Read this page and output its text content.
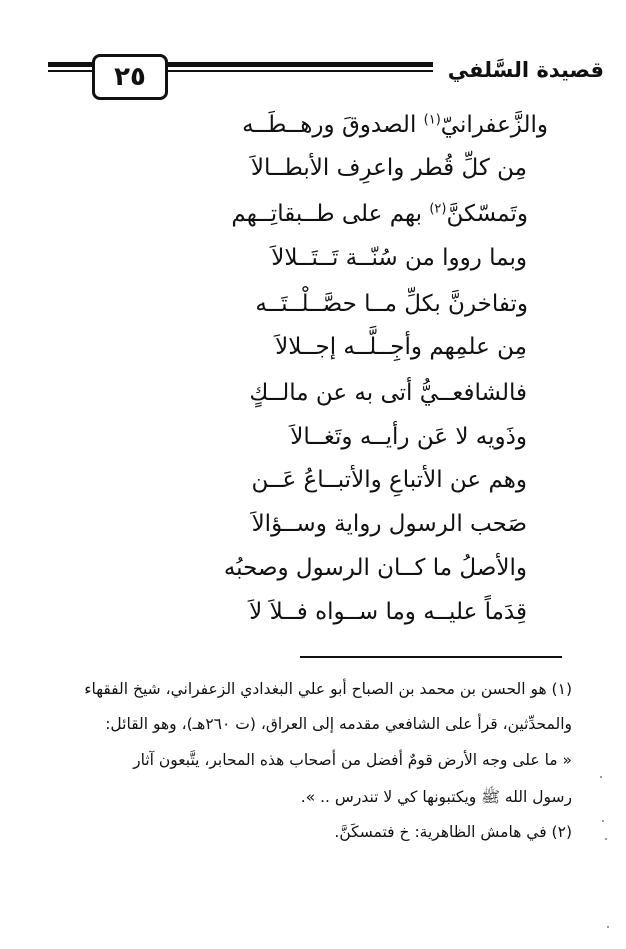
٢٥	قصيدة السَّلفي
والزَّعفرانيّ$^{(١)}$ الصدوقَ ورهــطَــه
مِن كلِّ قُطر واعرِف الأبطــالاَ
وتَمسّكنَّ$^{(٢)}$ بهم على طــبقاتِــهم
وبما رووا من سُنّــة تَــتَــلالاَ
وتفاخرنَّ بكلِّ مــا حصَّــلْــتَــه
مِن علمِهم وأجِــلَّــه إجــلالاَ
فالشافعــيُّ أتى به عن مالــكٍ
وذَويه لا عَن رأيــه وتَغــالاَ
وهم عن الأتباعِ والأتبــاعُ عَــن
صَحب الرسول رواية وســؤالاَ
والأصلُ ما كــان الرسول وصحبُه
قِدَماً عليــه وما ســواه فــلاَ لاَ
(١) هو الحسن بن محمد بن الصباح أبو علي البغدادي الزعفراني، شيخ الفقهاء
والمحدِّثين، قرأ على الشافعي مقدمه إلى العراق، (ت ٢٦٠هـ)، وهو القائل:
« ما على وجه الأرض قومٌ أفضل من أصحاب هذه المحابر، يتَّبعون آثار
رسول الله ﷺ ويكتبونها كي لا تندرس .. ».
(٢) في هامش الظاهرية: خ فتمسكَنَّ.
